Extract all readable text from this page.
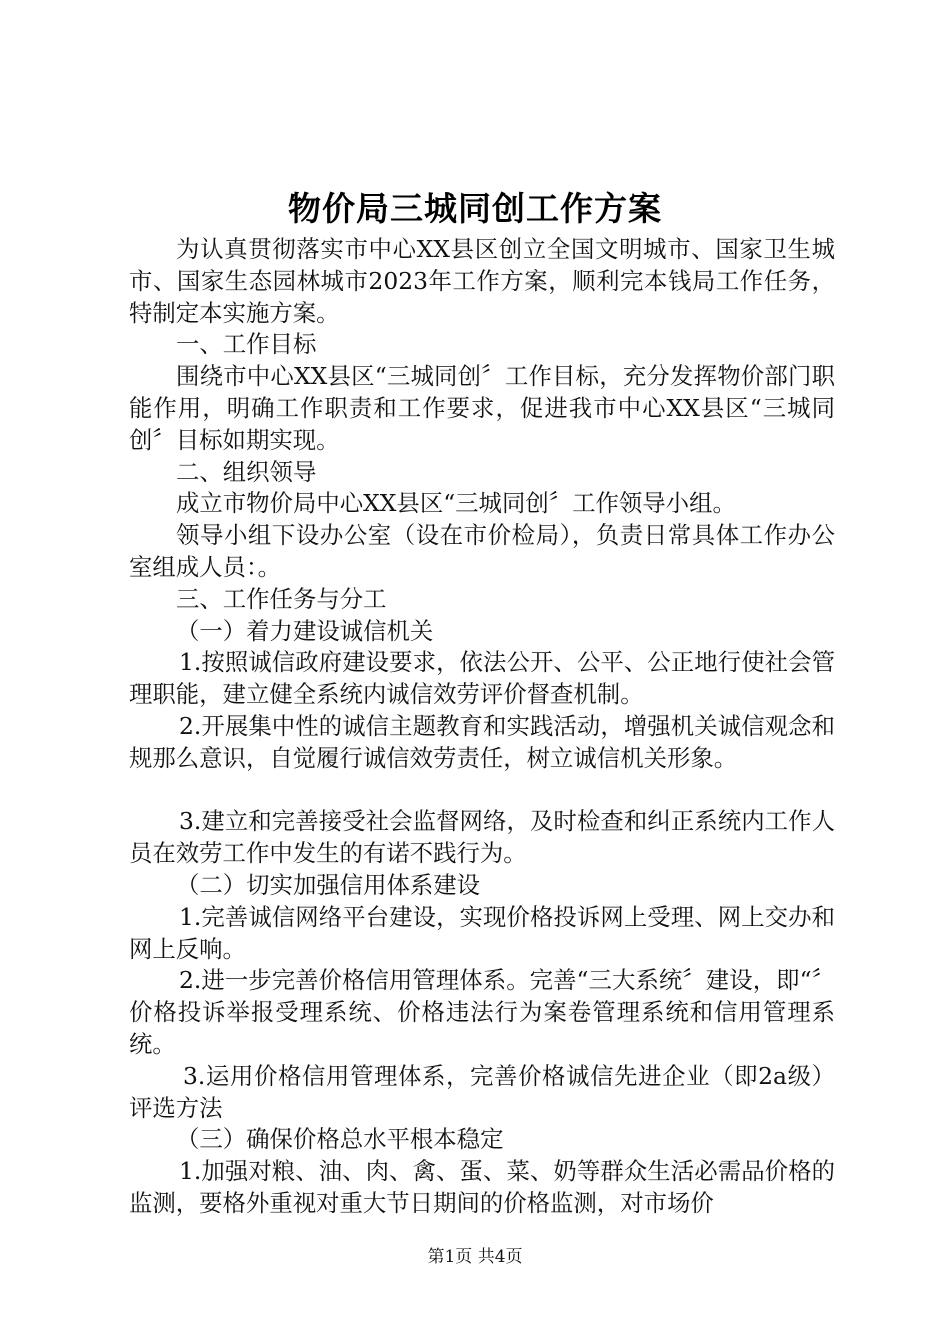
物价局三城同创工作方案

为认真贯彻落实市中心XX县区创立全国文明城市、国家卫生城市、国家生态园林城市2023年工作方案，顺利完本钱局工作任务，特制定本实施方案。

一、工作目标

围绕市中心XX县区“三城同创〞工作目标，充分发挥物价部门职能作用，明确工作职责和工作要求，促进我市中心XX县区“三城同创〞目标如期实现。

二、组织领导

成立市物价局中心XX县区“三城同创〞工作领导小组。

领导小组下设办公室（设在市价检局），负责日常具体工作办公室组成人员：。

三、工作任务与分工

（一）着力建设诚信机关

1.按照诚信政府建设要求，依法公开、公平、公正地行使社会管理职能，建立健全系统内诚信效劳评价督查机制。

2.开展集中性的诚信主题教育和实践活动，增强机关诚信观念和规那么意识，自觉履行诚信效劳责任，树立诚信机关形象。

3.建立和完善接受社会监督网络，及时检查和纠正系统内工作人员在效劳工作中发生的有诺不践行为。

（二）切实加强信用体系建设

1.完善诚信网络平台建设，实现价格投诉网上受理、网上交办和网上反响。

2.进一步完善价格信用管理体系。完善“三大系统〞建设，即“〞价格投诉举报受理系统、价格违法行为案卷管理系统和信用管理系统。

3.运用价格信用管理体系，完善价格诚信先进企业（即2a级）评选方法

（三）确保价格总水平根本稳定

1.加强对粮、油、肉、禽、蛋、菜、奶等群众生活必需品价格的监测，要格外重视对重大节日期间的价格监测，对市场价

第1页 共4页
